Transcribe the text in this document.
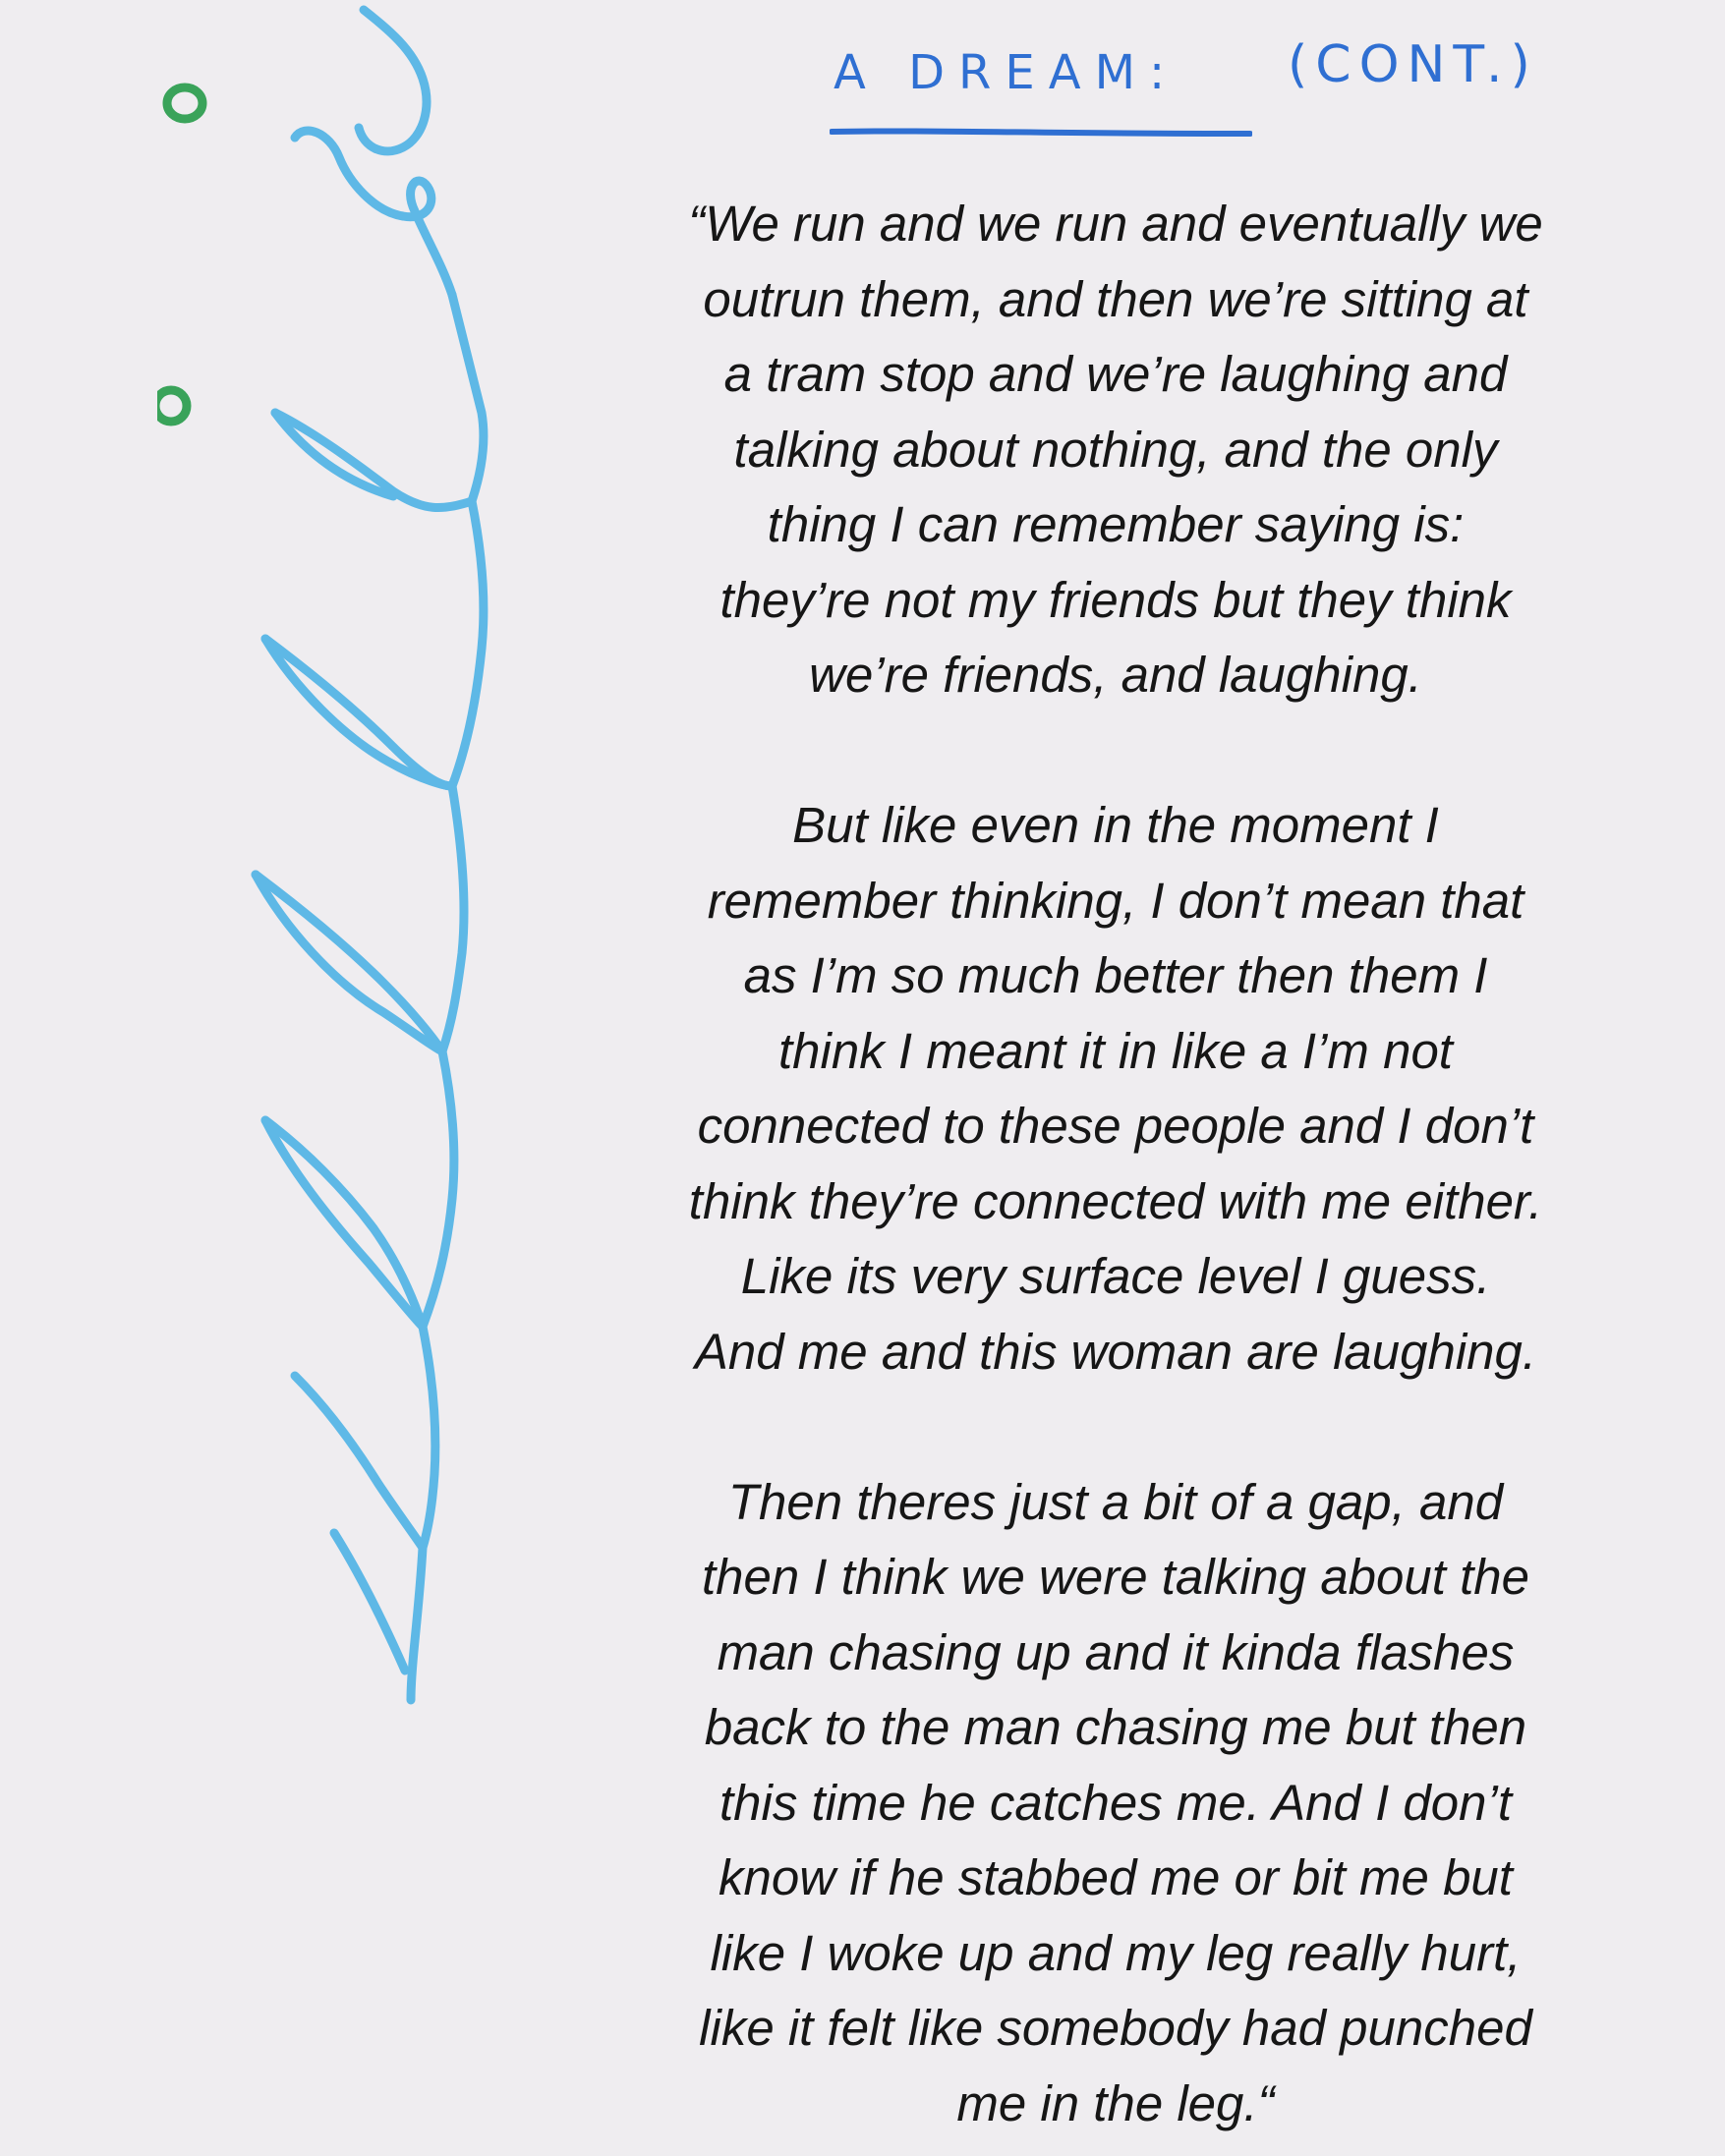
A DREAM: (CONT.)

“We run and we run and eventually we
outrun them, and then we’re sitting at
a tram stop and we’re laughing and
talking about nothing, and the only
thing I can remember saying is:
they’re not my friends but they think
we’re friends, and laughing.

But like even in the moment I
remember thinking, I don’t mean that
as I’m so much better then them I
think I meant it in like a I’m not
connected to these people and I don’t
think they’re connected with me either.
Like its very surface level I guess.
And me and this woman are laughing.

Then theres just a bit of a gap, and
then I think we were talking about the
man chasing up and it kinda flashes
back to the man chasing me but then
this time he catches me. And I don’t
know if he stabbed me or bit me but
like I woke up and my leg really hurt,
like it felt like somebody had punched
me in the leg.“
